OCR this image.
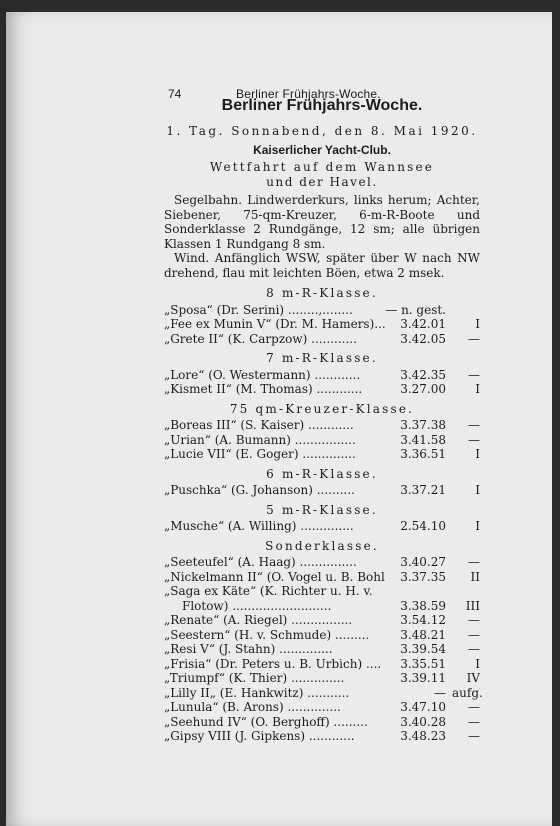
74	Berliner Frühjahrs-Woche.
Berliner Frühjahrs-Woche.
1. Tag. Sonnabend, den 8. Mai 1920.
Kaiserlicher Yacht-Club.
Wettfahrt auf dem Wannsee
und der Havel.

Segelbahn. Lindwerderkurs, links herum; Achter, Siebener, 75-qm-Kreuzer, 6-m-R-Boote und Sonderklasse 2 Rundgänge, 12 sm; alle übrigen Klassen 1 Rundgang 8 sm.

Wind. Anfänglich WSW, später über W nach NW drehend, flau mit leichten Böen, etwa 2 msek.

8 m-R-Klasse.
„Sposa“ (Dr. Serini) ........,........	— n. gest.
„Fee ex Munin V“ (Dr. M. Hamers)... 3.42.01	I
„Grete II“ (K. Carpzow) ............	3.42.05	—
7 m-R-Klasse.
„Lore“ (O. Westermann) ............	3.42.35	—
„Kismet II“ (M. Thomas) ............	3.27.00	I
75 qm-Kreuzer-Klasse.
„Boreas III“ (S. Kaiser) ............	3.37.38	—
„Urian“ (A. Bumann) ................	3.41.58	—
„Lucie VII“ (E. Goger) ..............	3.36.51	I
6 m-R-Klasse.
„Puschka“ (G. Johanson) ..........	3.37.21	I
5 m-R-Klasse.
„Musche“ (A. Willing) ..............	2.54.10	I
Sonderklasse.
„Seeteufel“ (A. Haag) ...............	3.40.27	—
„Nickelmann II“ (O. Vogel u. B. Bohl 3.37.35	II
„Saga ex Käte“ (K. Richter u. H. v.
Flotow) ..........................	3.38.59	III
„Renate“ (A. Riegel) ................	3.54.12	—
„Seestern“ (H. v. Schmude) .........	3.48.21	—
„Resi V“ (J. Stahn) ..............	3.39.54	—
„Frisia“ (Dr. Peters u. B. Urbich) .... 3.35.51	I
„Triumpf“ (K. Thier) ..............	3.39.11	IV
„Lilly II„ (E. Hankwitz) ...........	— aufg.
„Lunula“ (B. Arons) ..............	3.47.10	—
„Seehund IV“ (O. Berghoff) .........	3.40.28	—
„Gipsy VIII (J. Gipkens) ............	3.48.23	—
